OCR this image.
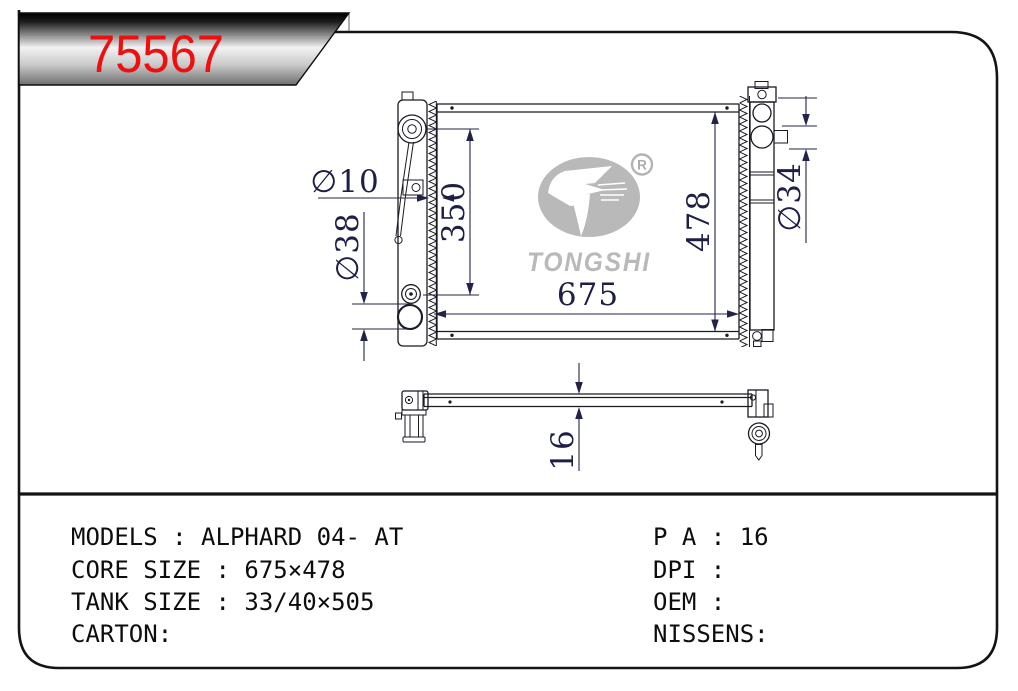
75567
R
TONGSHI
∅10
∅38
350	478
675
∅34
16
MODELS : ALPHARD 04- AT
CORE SIZE : 675×478
TANK SIZE : 33/40×505
CARTON:
P A : 16
DPI :
OEM :
NISSENS:
